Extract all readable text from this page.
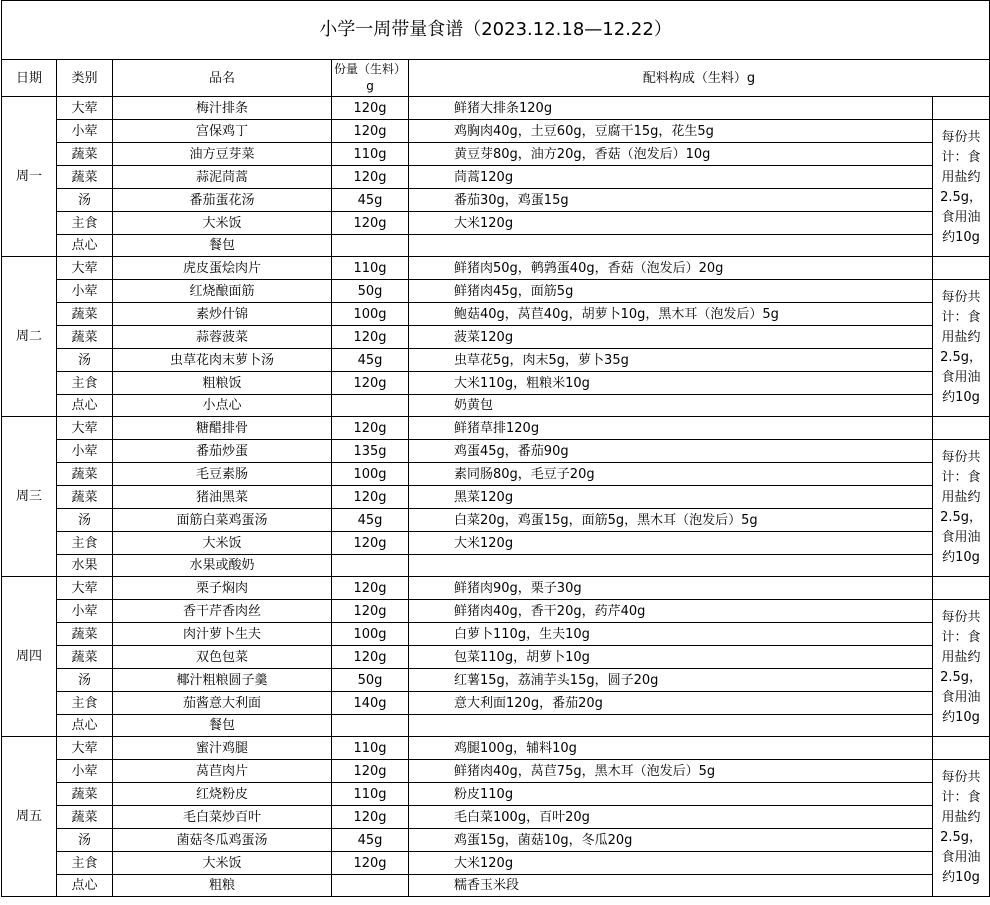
小学一周带量食谱（2023.12.18—12.22）					
日期	类别	品名	份量（生料）g	配料构成（生料）g	
周一	大荤	梅汁排条	120g	鲜猪大排条120g	
	小荤	宫保鸡丁	120g	鸡胸肉40g，土豆60g，豆腐干15g，花生5g	每份共计：食用盐约2.5g，食用油约10g
	蔬菜	油方豆芽菜	110g	黄豆芽80g，油方20g，香菇（泡发后）10g	
	蔬菜	蒜泥茼蒿	120g	茼蒿120g	
	汤	番茄蛋花汤	45g	番茄30g，鸡蛋15g	
	主食	大米饭	120g	大米120g	
	点心	餐包			
周二	大荤	虎皮蛋烩肉片	110g	鲜猪肉50g，鹌鹑蛋40g，香菇（泡发后）20g	
	小荤	红烧酿面筋	50g	鲜猪肉45g，面筋5g	每份共计：食用盐约2.5g，食用油约10g
	蔬菜	素炒什锦	100g	鲍菇40g，莴苣40g，胡萝卜10g，黑木耳（泡发后）5g	
	蔬菜	蒜蓉菠菜	120g	菠菜120g	
	汤	虫草花肉末萝卜汤	45g	虫草花5g，肉末5g，萝卜35g	
	主食	粗粮饭	120g	大米110g，粗粮米10g	
	点心	小点心		奶黄包	
周三	大荤	糖醋排骨	120g	鲜猪草排120g	
	小荤	番茄炒蛋	135g	鸡蛋45g，番茄90g	每份共计：食用盐约2.5g，食用油约10g
	蔬菜	毛豆素肠	100g	素同肠80g，毛豆子20g	
	蔬菜	猪油黑菜	120g	黑菜120g	
	汤	面筋白菜鸡蛋汤	45g	白菜20g，鸡蛋15g，面筋5g，黑木耳（泡发后）5g	
	主食	大米饭	120g	大米120g	
	水果	水果或酸奶			
周四	大荤	栗子焖肉	120g	鲜猪肉90g，栗子30g	
	小荤	香干芹香肉丝	120g	鲜猪肉40g，香干20g，药芹40g	每份共计：食用盐约2.5g，食用油约10g
	蔬菜	肉汁萝卜生夫	100g	白萝卜110g，生夫10g	
	蔬菜	双色包菜	120g	包菜110g，胡萝卜10g	
	汤	椰汁粗粮圆子羹	50g	红薯15g，荔浦芋头15g，圆子20g	
	主食	茄酱意大利面	140g	意大利面120g，番茄20g	
	点心	餐包			
周五	大荤	蜜汁鸡腿	110g	鸡腿100g，辅料10g	
	小荤	莴苣肉片	120g	鲜猪肉40g，莴苣75g，黑木耳（泡发后）5g	每份共计：食用盐约2.5g，食用油约10g
	蔬菜	红烧粉皮	110g	粉皮110g	
	蔬菜	毛白菜炒百叶	120g	毛白菜100g，百叶20g	
	汤	菌菇冬瓜鸡蛋汤	45g	鸡蛋15g，菌菇10g，冬瓜20g	
	主食	大米饭	120g	大米120g	
	点心	粗粮		糯香玉米段	
